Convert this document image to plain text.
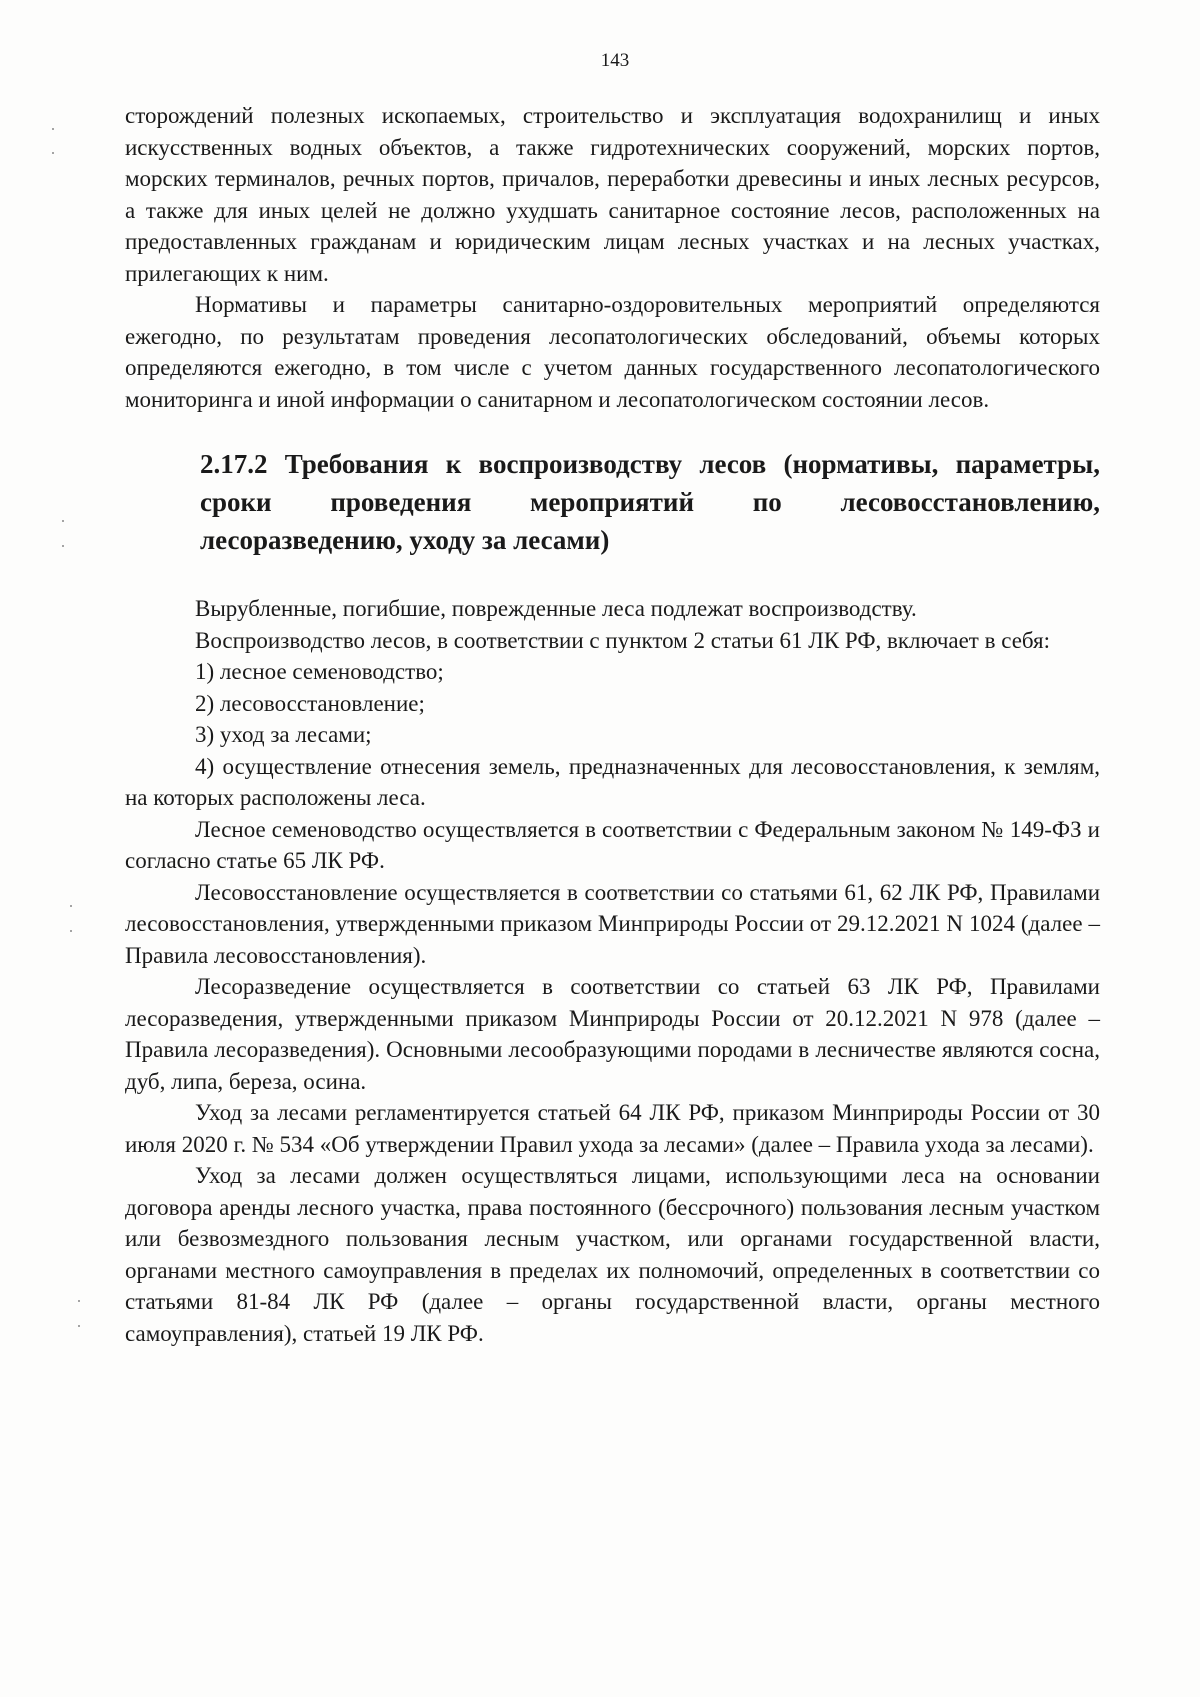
143

сторождений полезных ископаемых, строительство и эксплуатация водохранилищ и иных искусственных водных объектов, а также гидротехнических сооружений, морских портов, морских терминалов, речных портов, причалов, переработки древесины и иных лесных ресурсов, а также для иных целей не должно ухудшать санитарное состояние лесов, расположенных на предоставленных гражданам и юридическим лицам лесных участках и на лесных участках, прилегающих к ним.

Нормативы и параметры санитарно-оздоровительных мероприятий определяются ежегодно, по результатам проведения лесопатологических обследований, объемы которых определяются ежегодно, в том числе с учетом данных государственного лесопатологического мониторинга и иной информации о санитарном и лесопатологическом состоянии лесов.

2.17.2 Требования к воспроизводству лесов (нормативы, параметры, сроки проведения мероприятий по лесовосстановлению, лесоразведению, уходу за лесами)

Вырубленные, погибшие, поврежденные леса подлежат воспроизводству.

Воспроизводство лесов, в соответствии с пунктом 2 статьи 61 ЛК РФ, включает в себя:

1) лесное семеноводство;

2) лесовосстановление;

3) уход за лесами;

4) осуществление отнесения земель, предназначенных для лесовосстановления, к землям, на которых расположены леса.

Лесное семеноводство осуществляется в соответствии с Федеральным законом № 149-ФЗ и согласно статье 65 ЛК РФ.

Лесовосстановление осуществляется в соответствии со статьями 61, 62 ЛК РФ, Правилами лесовосстановления, утвержденными приказом Минприроды России от 29.12.2021 N 1024 (далее – Правила лесовосстановления).

Лесоразведение осуществляется в соответствии со статьей 63 ЛК РФ, Правилами лесоразведения, утвержденными приказом Минприроды России от 20.12.2021 N 978 (далее – Правила лесоразведения). Основными лесообразующими породами в лесничестве являются сосна, дуб, липа, береза, осина.

Уход за лесами регламентируется статьей 64 ЛК РФ, приказом Минприроды России от 30 июля 2020 г. № 534 «Об утверждении Правил ухода за лесами» (далее – Правила ухода за лесами).

Уход за лесами должен осуществляться лицами, использующими леса на основании договора аренды лесного участка, права постоянного (бессрочного) пользования лесным участком или безвозмездного пользования лесным участком, или органами государственной власти, органами местного самоуправления в пределах их полномочий, определенных в соответствии со статьями 81-84 ЛК РФ (далее – органы государственной власти, органы местного самоуправления), статьей 19 ЛК РФ.
